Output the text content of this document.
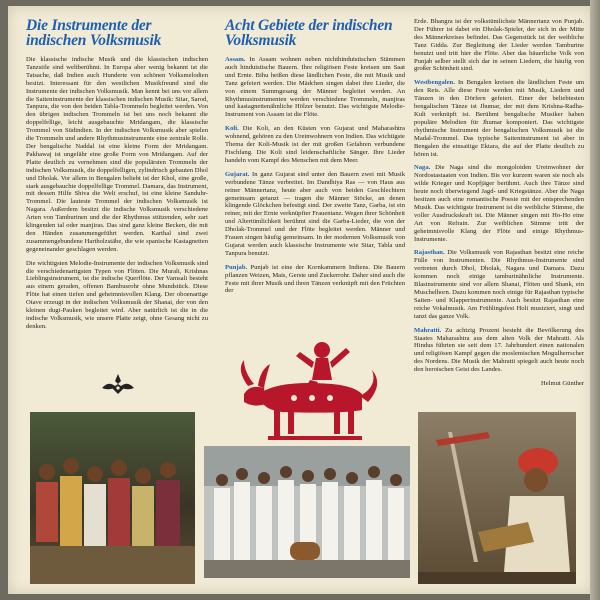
Die Instrumente der indischen Volksmusik

Die klassische indische Musik und die klassischen indischen Tanzstile sind weltberühmt. In Europa aber wenig bekannt ist die Tatsache, daß Indien auch Hunderte von schönen Volksmelodien besitzt. Interessant für den westlichen Musikfreund sind die Instrumente der indischen Volksmusik. Man kennt bei uns vor allem die Saiteninstrumente der klassischen indischen Musik: Sitar, Sarod, Tanpura, die von den beiden Tabla-Trommeln begleitet werden. Von den übrigen indischen Trommeln ist bei uns noch bekannt die doppelfellige, leicht ausgebauchte Mridangam, die klassische Trommel von Südindien. In der indischen Volksmusik aber spielen die Trommeln und andere Rhythmusinstrumente eine zentrale Rolle. Der bengalische Naddal ist eine kleine Form der Mridangam. Pakhawaj ist ungefähr eine große Form von Mridangam. Auf der Platte deutlich zu vernehmen sind die populärsten Trommeln der indischen Volksmusik, die doppelfelligen, zylindrisch gebauten Dhol und Dholak. Vor allem in Bengalen beliebt ist der Khol, eine große, stark ausgebauchte doppelfellige Trommel. Damara, das Instrument, mit dessen Hilfe Shiva die Welt erschuf, ist eine kleine Sanduhr-Trommel. Die lauteste Trommel der indischen Volksmusik ist Nagara. Außerdem besitzt die indische Volksmusik verschiedene Arten von Tamburinen und die der Rhythmus stützenden, sehr zart klingenden tal oder manjiras. Das sind ganz kleine Becken, die mit den Händen zusammengeführt werden. Karthal sind zwei zusammengebundene Hartholzstäbe, die wie spanische Kastagnetten gegeneinander geschlagen werden.

Die wichtigsten Melodie-Instrumente der indischen Volksmusik sind die verschiedenartigsten Typen von Flöten. Die Murali, Krishnas Lieblingsinstrument, ist die indische Querflöte. Der Vamsali besteht aus einem geraden, offenen Bambusrohr ohne Mundstück. Diese Flöte hat einen tiefen und geheimnisvollen Klang. Der oboenartige Otave erzeugt in der indischen Volksmusik der Shanai, der von den kleinen dugi-Pauken begleitet wird. Aber natürlich ist die in die indische Volksmusik, wie unsere Platte zeigt, ohne Gesang nicht zu denken.

Acht Gebiete der indischen Volksmusik

Assam. In Assam wohnen neben nichthinduistischen Stämmen auch hinduistische Bauern. Ihre religiösen Feste kreisen um Saat und Ernte. Bihu heißen diese ländlichen Feste, die mit Musik und Tanz gefeiert werden. Die Mädchen singen dabei ihre Lieder, die von einem Summgesang der Männer begleitet werden. An Rhythmusinstrumenten werden verschiedene Trommeln, manjiras und kastagnettenähnliche Hölzer benutzt. Das wichtigste Melodie-Instrument von Assam ist die Flöte.

Koli. Die Koli, an den Küsten von Gujarat und Maharashtra wohnend, gehören zu den Ureinwohnern von Indien. Das wichtigste Thema der Koli-Musik ist der mit großen Gefahren verbundene Fischfang. Die Koli sind leidenschaftliche Sänger. Ihre Lieder handeln vom Kampf des Menschen mit dem Meer.

Gujarat. In ganz Gujarat sind unter den Bauern zwei mit Musik verbundene Tänze verbreitet. Im Dandhiya Ras — von Haus aus reiner Männertanz, heute aber auch von beiden Geschlechtern gemeinsam getanzt — tragen die Männer Stöcke, an denen klingende Glöckchen befestigt sind. Der zweite Tanz, Garba, ist ein reiner, mit der Ernte verknüpfter Frauentanz. Wegen ihrer Schönheit und Altertümlichkeit berühmt sind die Garba-Lieder, die von der Dholak-Trommel und der Flöte begleitet werden. Männer und Frauen singen häufig gemeinsam. In der modernen Volksmusik von Gujarat werden auch klassische Instrumente wie Sitar, Tabla und Tanpura benutzt.

Punjab. Punjab ist eine der Kornkammern Indiens. Die Bauern pflanzen Weizen, Mais, Gerste und Zuckerrohr. Daher sind auch die Feste mit ihrer Musik und ihren Tänzen verknüpft mit den Früchten der

Erde. Bhangra ist der volkstümlichste Männertanz von Punjab. Der Führer ist dabei ein Dholak-Spieler, der sich in der Mitte des Männerkreises befindet. Das Gegenstück ist der weibliche Tanz Gidda. Zur Begleitung der Lieder werden Tamburine benutzt und tritt hier die Flöte. Aber das bäuerliche Volk von Punjab selber stellt sich dar in seinen Liedern, die häufig von großer Schönheit sind.

Westbengalen. In Bengalen kreisen die ländlichen Feste um den Reis. Alle diese Feste werden mit Musik, Liedern und Tänzen in den Dörfern gefeiert. Einer der beliebtesten bengalischen Tänze ist Jhumar, der mit dem Krishna-Radha-Kult verknüpft ist. Berühmt bengalische Musiker haben populäre Melodien für Jhumar komponiert. Das wichtigste rhythmische Instrument der bengalischen Volksmusik ist die Madal-Trommel. Das typische Saiteninstrument ist aber in Bengalen die einsaitige Ektara, die auf der Platte deutlich zu hören ist.

Naga. Die Naga sind die mongoloiden Ureinwohner der Nordostastaaten von Indien. Bis vor kurzem waren sie noch als wilde Krieger und Kopfjäger berühmt. Auch ihre Tänze sind heute noch überwiegend Jagd- und Kriegstänze. Aber die Naga besitzen auch eine romantische Poesie mit der entsprechenden Musik. Das wichtigste Instrument ist die weibliche Stimme, die voller Ausdruckskraft ist. Die Männer singen mit Ho-Ho eine Art von Refrain. Zur weiblichen Stimme tritt der geheimnisvolle Klang der Flöte und einige Rhythmus-Instrumente.

Rajasthan. Die Volksmusik von Rajasthan besitzt eine reiche Fülle von Instrumenten. Die Rhythmus-Instrumente sind vertreten durch Dhol, Dholak, Nagara und Damara. Dazu kommen noch einige tamburinähnliche Instrumente. Blasinstrumente sind vor allem Shanai, Flöten und Shank, ein Muschelhorn. Dazu kommen noch einige für Rajasthan typische Saiten- und Klapperinstrumente. Auch besitzt Rajasthan eine reiche Vokalmusik. Am Frühlingsfest Holi musiziert, singt und tanzt das ganze Volk.

Mahratti. Zu achtzig Prozent besteht die Bevölkerung des Staates Maharashtra aus dem alten Volk der Mahratti. Als Hindus führten sie seit dem 17. Jahrhundert einen nationalen und religiösen Kampf gegen die moslemischen Mogulherrscher des Nordens. Die Musik der Mahratti spiegelt auch heute noch den heroischen Geist des Landes.

Helmut Günther
